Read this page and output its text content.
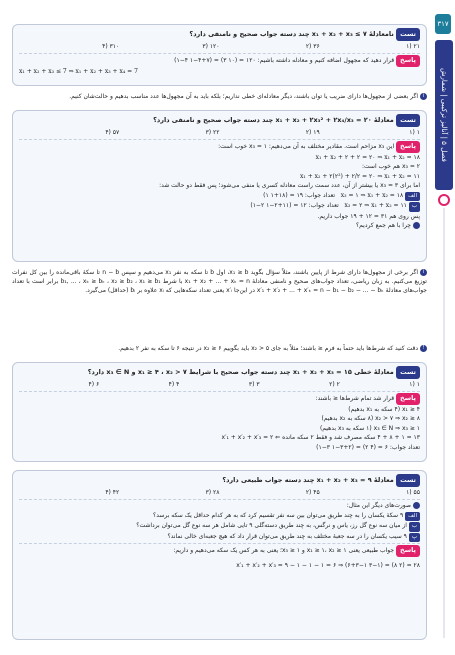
۳۱۷
فصل ۵ | آنالیز ترکیبی | شمارش
تست نامعادلهٔ x₁ + x₂ + x₃ ≤ ۷ چند دسته جواب صحیح و نامنفی دارد؟
۲۱ (۱
۳۶ (۲
۱۲۰ (۳
۳۱۰ (۴
پاسخ قرار دهید که مجهول اضافه کنیم و معادله داشته باشیم: ۱۲۰ = (۱۰ ۳) = (۷+۴−۱ ۴−۱)
x₁ + x₂ + x₃ ≤ 7 ⇒ x₁ + x₂ + x₃ + x₄ = 7
iاگر بعضی از مجهول‌ها دارای ضریب یا توان باشند، دیگر معادله‌ای خطی نداریم؛ بلکه باید به آن مجهول‌ها عدد مناسب بدهیم و حالت‌شان کنیم.
تست معادلهٔ x₁ + x₂ + ۲x₃² + ۲x₄/x₃ = ۲۰ چند دسته جواب صحیح و نامنفی دارد؟
۱ (۱
۱۹ (۲
۲۲ (۳
۵۷ (۴
پاسخ این x₃ مزاحم است. مقادیر مختلف به آن می‌دهیم: x₃ = ۱ خوب است:
x₁ + x₂ + ۲ + ۲ = ۲۰ ⇒ x₁ + x₂ = ۱۸
x₃ = ۲ هم خوب است:
x₁ + x₂ + ۲(۲²) + ۲/۲ = ۲۰ ⇒ x₁ + x₂ = ۱۱
اما برای x₃ = ۳ یا بیشتر از آن، عدد سمت راست معادله کسری یا منفی می‌شود؛ پس فقط دو حالت شد:
الف x₃ = ۱ ⇒ x₁ + x₂ = ۱۸   تعداد جواب: ۱۹ = (۱۸+۱ ۱)
ب x₃ = ۲ ⇒ x₁ + x₂ = ۱۱   تعداد جواب: ۱۲ = (۱۱+۲−۱ ۲−۱)
پس روی هم ۳۱ = ۱۲ + ۱۹ جواب داریم.
چرا با هم جمع کردیم؟
iاگر برخی از مجهول‌ها دارای شرط از پایین باشند، مثلاً سؤال بگوید x₁ ≥ b، اول b تا سکه به نفر x₁ می‌دهیم و سپس n − b تا سکهٔ باقی‌مانده را بین کل نفرات توزیع می‌کنیم. به زبان ریاضی، تعداد جواب‌های صحیح و نامنفی معادلهٔ x₁ + x₂ + ... + xₖ = n با شرط b₁, ... ، xₖ ≥ bₖ ، x₂ ≥ b₂ ، x₁ ≥ b₁ برابر است با تعداد جواب‌های معادلهٔ x′₁ + x′₂ + ... + x′ₖ = n − b₁ − b₂ − ... − bₖ در این‌جا x′ᵢ یعنی تعداد سکه‌هایی که xᵢ علاوه بر bᵢ (حداقل) می‌گیرد.
!دقت کنید که شرط‌ها باید حتماً به فرم ≤ باشند؛ مثلاً به جای x₂ > ۵ باید بگوییم x₂ ≥ ۶ در نتیجه ۶ تا سکه به نفر ۲ بدهیم.
تست معادلهٔ خطی x₁ + x₂ + x₃ = ۱۵ چند دسته جواب صحیح با شرایط x₁ ≥ ۴ ، x₂ > ۷ و x₃ ∈ N دارد؟
۱ (۱
۲ (۲
۳ (۳
۴ (۴
۶ (۴
پاسخ قرار شد تمام شرط‌ها ≤ باشند:
x₁ ≥ ۴ (۴ سکه به x₁ بدهیم)
x₂ > ۷ ⇒ x₂ ≥ ۸ (۸ سکه به x₂ بدهیم)
x₃ ∈ N ⇒ x₃ ≥ ۱ (۱ سکه به x₃ بدهیم)
۱۳ = ۱ + ۸ + ۴ سکه مصرف شد و فقط ۲ سکه مانده ⇐ x′₁ + x′₂ + x′₃ = ۲
تعداد جواب: ۶ = (۴ ۲) = (۲+۳−۱ ۳−۱)
تست معادلهٔ x₁ + x₂ + x₃ = ۹ چند دسته جواب طبیعی دارد؟
۵۵ (۱
۴۵ (۲
۲۸ (۳
۴۲ (۴
صورت‌های دیگر این مثال:
الف ۹ سکهٔ یکسان را به چند طریق می‌توان بین سه نفر تقسیم کرد که به هر کدام حداقل یک سکه برسد؟
ب از میان سه نوع گل رز، یاس و نرگس، به چند طریق دسته‌گلی ۹ تایی شامل هر سه نوع گل می‌توان برداشت؟
پ ۹ سیب یکسان را در سه جعبهٔ مختلف به چند طریق می‌توان قرار داد که هیچ جعبه‌ای خالی نماند؟
پاسخ جواب طبیعی یعنی x₁ ≥ ۱، x₂ ≥ ۱ و x₃ ≥ ۱؛ یعنی به هر کس یک سکه می‌دهیم و داریم:
x′₁ + x′₂ + x′₃ = ۹ − ۱ − ۱ − ۱ = ۶ ⇒ (۶+۳−۱ ۳−۱) = (۸ ۲) = ۲۸
